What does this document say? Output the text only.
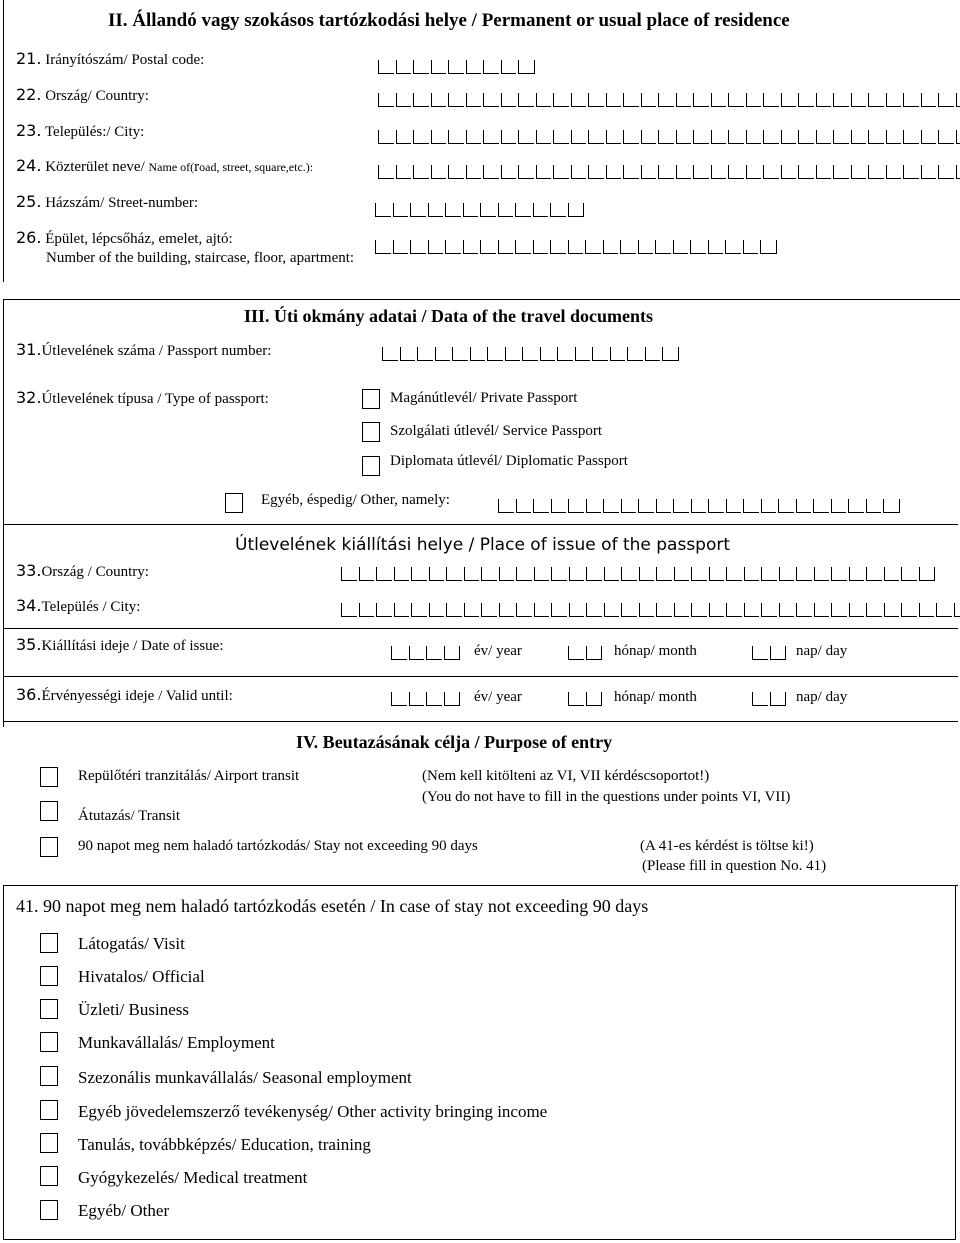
II. Állandó vagy szokásos tartózkodási helye / Permanent or usual place of residence
21. Irányítószám/ Postal code:
22. Ország/ Country:
23. Település:/ City:
24. Közterület neve/ Name of(road, street, square,etc.):
25. Házszám/ Street-number:
26. Épület, lépcsőház, emelet, ajtó:
Number of the building, staircase, floor, apartment:
III. Úti okmány adatai / Data of the travel documents
31.Útlevelének száma / Passport number:
32.Útlevelének típusa / Type of passport:	Magánútlevél/ Private Passport
Szolgálati útlevél/ Service Passport
Diplomata útlevél/ Diplomatic Passport
Egyéb, éspedig/ Other, namely:
Útlevelének kiállítási helye / Place of issue of the passport
33.Ország / Country:
34.Település / City:
35.Kiállítási ideje / Date of issue:	év/ year	hónap/ month	nap/ day
36.Érvényességi ideje / Valid until:	év/ year	hónap/ month	nap/ day
IV. Beutazásának célja / Purpose of entry
Repülőtéri tranzitálás/ Airport transit	(Nem kell kitölteni az VI, VII kérdéscsoportot!)
(You do not have to fill in the questions under points VI, VII)
Átutazás/ Transit
90 napot meg nem haladó tartózkodás/ Stay not exceeding 90 days	(A 41-es kérdést is töltse ki!)
(Please fill in question No. 41)
41. 90 napot meg nem haladó tartózkodás esetén / In case of stay not exceeding 90 days
Látogatás/ Visit
Hivatalos/ Official
Üzleti/ Business
Munkavállalás/ Employment
Szezonális munkavállalás/ Seasonal employment
Egyéb jövedelemszerző tevékenység/ Other activity bringing income
Tanulás, továbbképzés/ Education, training
Gyógykezelés/ Medical treatment
Egyéb/ Other
